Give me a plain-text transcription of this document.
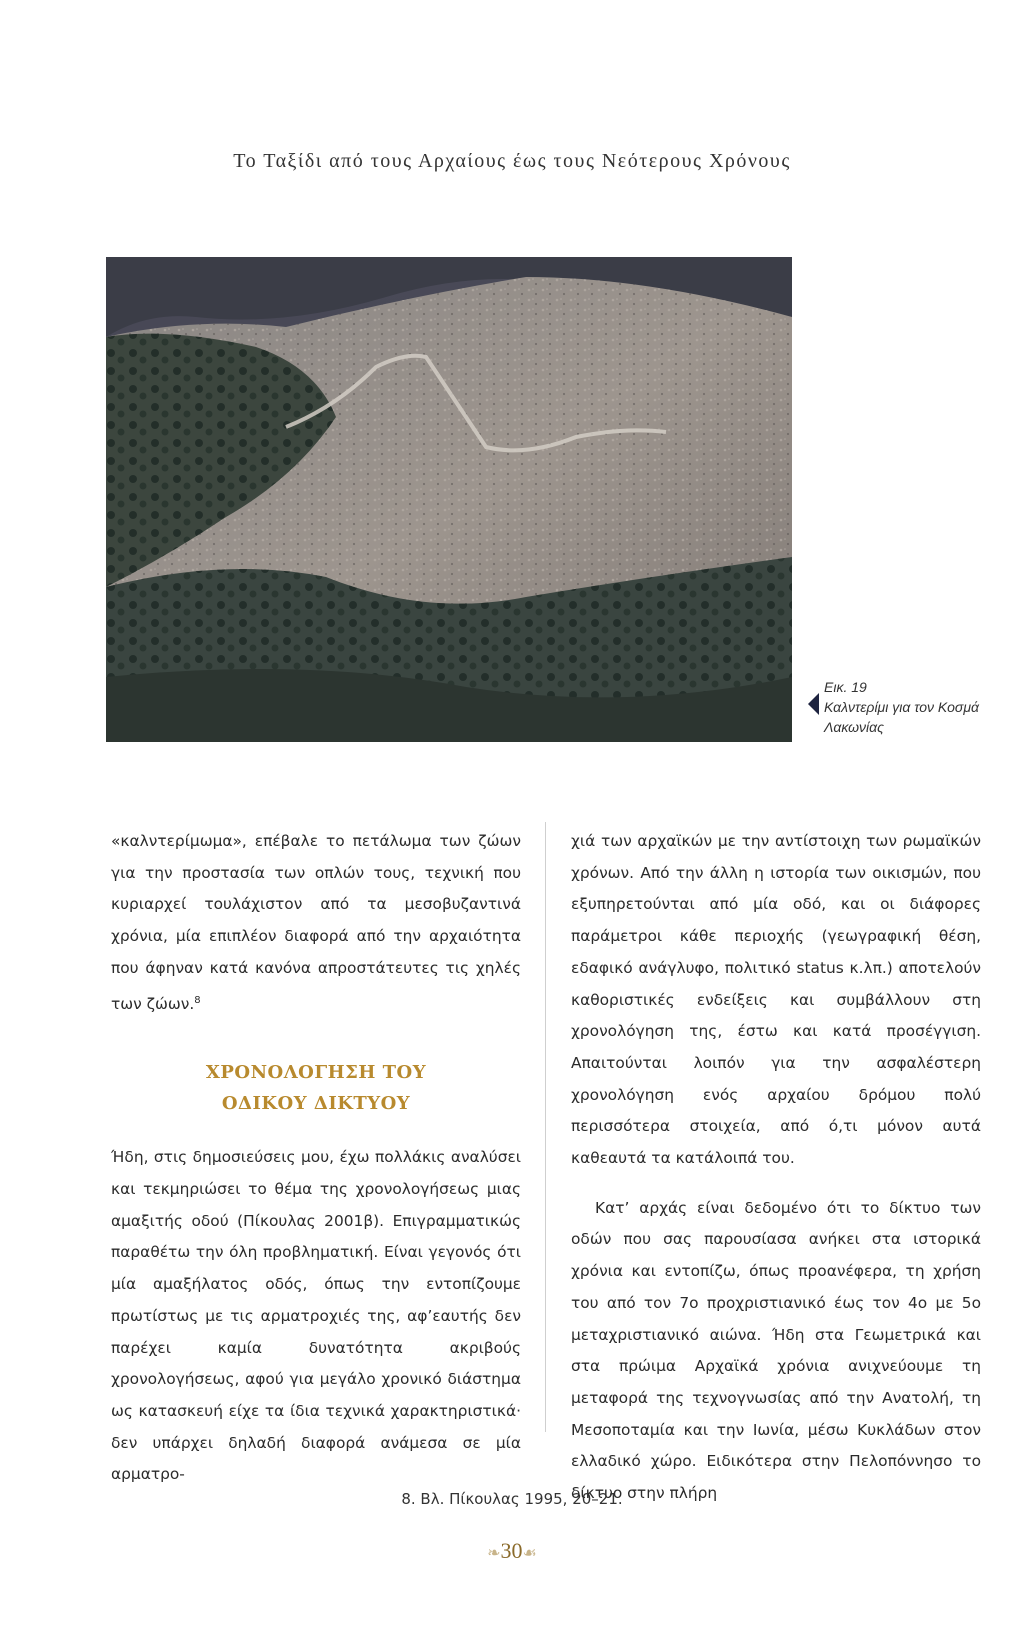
Το Ταξίδι από τους Αρχαίους έως τους Νεότερους Χρόνους
Εικ. 19
Καλντερίμι για τον Κοσμά
Λακωνίας

«καλντερίμωμα», επέβαλε το πετάλωμα των ζώων για την προστασία των οπλών τους, τεχνική που κυριαρχεί τουλάχιστον από τα μεσοβυζαντινά χρόνια, μία επιπλέον διαφορά από την αρχαιότητα που άφηναν κατά κανόνα απροστάτευτες τις χηλές των ζώων.$^8$

ΧΡΟΝΟΛΟΓΗΣΗ ΤΟΥ
ΟΔΙΚΟΥ ΔΙΚΤΥΟΥ

Ήδη, στις δημοσιεύσεις μου, έχω πολλάκις αναλύσει και τεκμηριώσει το θέμα της χρονολογήσεως μιας αμαξιτής οδού (Πίκουλας 2001β). Επιγραμματικώς παραθέτω την όλη προβληματική. Είναι γεγονός ότι μία αμαξήλατος οδός, όπως την εντοπίζουμε πρωτίστως με τις αρματροχιές της, αφ’εαυτής δεν παρέχει καμία δυνατότητα ακριβούς χρονολογήσεως, αφού για μεγάλο χρονικό διάστημα ως κατασκευή είχε τα ίδια τεχνικά χαρακτηριστικά· δεν υπάρχει δηλαδή διαφορά ανάμεσα σε μία αρματρο-

χιά των αρχαϊκών με την αντίστοιχη των ρωμαϊκών χρόνων. Από την άλλη η ιστορία των οικισμών, που εξυπηρετούνται από μία οδό, και οι διάφορες παράμετροι κάθε περιοχής (γεωγραφική θέση, εδαφικό ανάγλυφο, πολιτικό status κ.λπ.) αποτελούν καθοριστικές ενδείξεις και συμβάλλουν στη χρονολόγηση της, έστω και κατά προσέγγιση. Απαιτούνται λοιπόν για την ασφαλέστερη χρονολόγηση ενός αρχαίου δρόμου πολύ περισσότερα στοιχεία, από ό,τι μόνον αυτά καθεαυτά τα κατάλοιπά του.

Κατ’ αρχάς είναι δεδομένο ότι το δίκτυο των οδών που σας παρουσίασα ανήκει στα ιστορικά χρόνια και εντοπίζω, όπως προανέφερα, τη χρήση του από τον 7ο προχριστιανικό έως τον 4ο με 5ο μεταχριστιανικό αιώνα. Ήδη στα Γεωμετρικά και στα πρώιμα Αρχαϊκά χρόνια ανιχνεύουμε τη μεταφορά της τεχνογνωσίας από την Ανατολή, τη Μεσοποταμία και την Ιωνία, μέσω Κυκλάδων στον ελλαδικό χώρο. Ειδικότερα στην Πελοπόννησο το δίκτυο στην πλήρη

8. Βλ. Πίκουλας 1995, 20–21.
❧30☙
